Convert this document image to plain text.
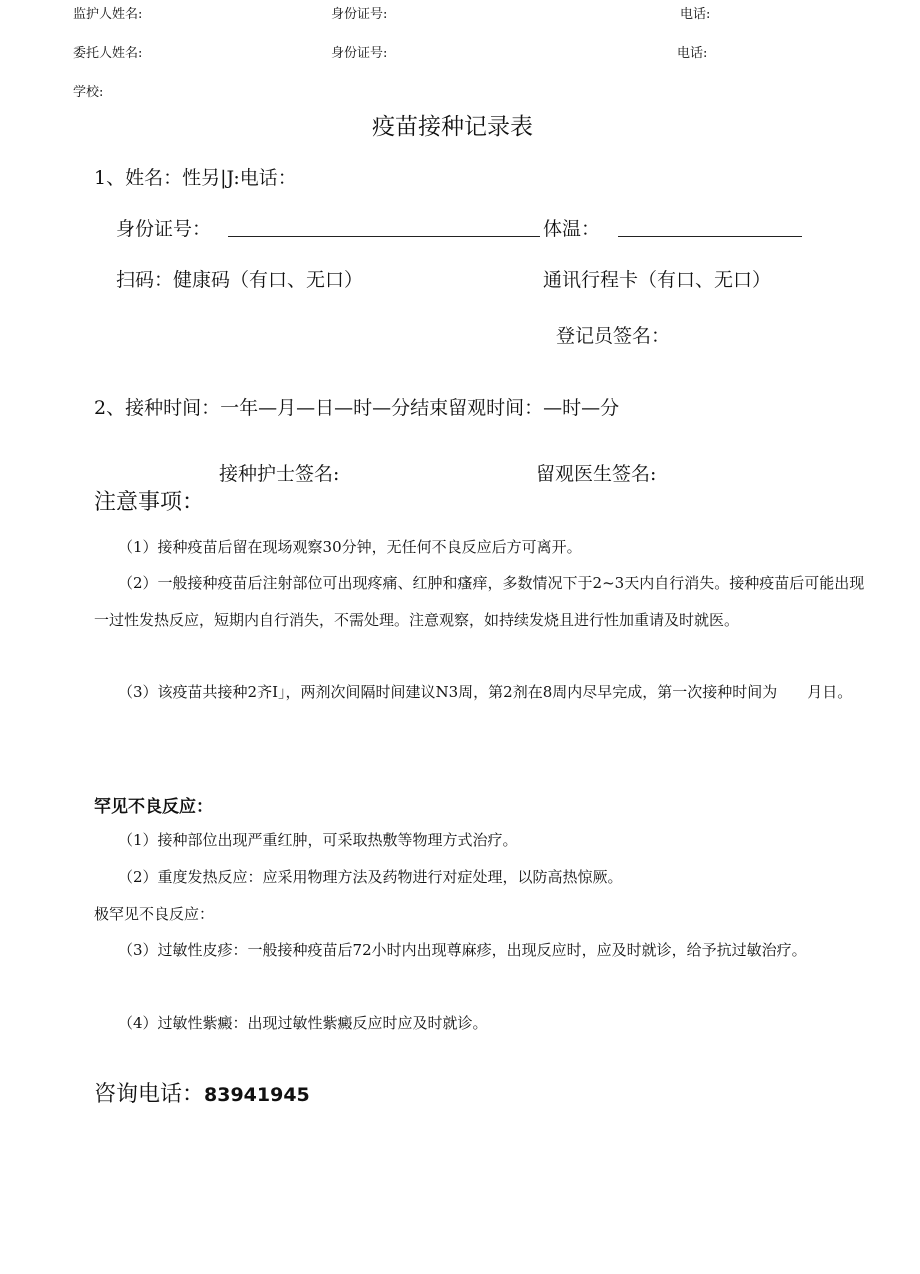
监护人姓名:	身份证号:	电话:
委托人姓名:	身份证号:	电话:
学校:
疫苗接种记录表
1、姓名：性另|J:电话：
身份证号：	体温：
扫码：健康码（有口、无口）	通讯行程卡（有口、无口）
登记员签名：
2、接种时间：一年—月—日—时—分结束留观时间：—时—分
接种护士签名:	留观医生签名:
注意事项：
（1）接种疫苗后留在现场观察30分钟，无任何不良反应后方可离开。
（2）一般接种疫苗后注射部位可出现疼痛、红肿和瘙痒，多数情况下于2~3天内自行消失。接种疫苗后可能出现一过性发热反应，短期内自行消失，不需处理。注意观察，如持续发烧且进行性加重请及时就医。
（3）该疫苗共接种2齐I」，两剂次间隔时间建议N3周，第2剂在8周内尽早完成，第一次接种时间为　　月日。
罕见不良反应：
（1）接种部位出现严重红肿，可采取热敷等物理方式治疗。
（2）重度发热反应：应采用物理方法及药物进行对症处理，以防高热惊厥。
极罕见不良反应：
（3）过敏性皮疹：一般接种疫苗后72小时内出现尊麻疹，出现反应时，应及时就诊，给予抗过敏治疗。
（4）过敏性紫癜：出现过敏性紫癜反应时应及时就诊。
咨询电话：83941945
